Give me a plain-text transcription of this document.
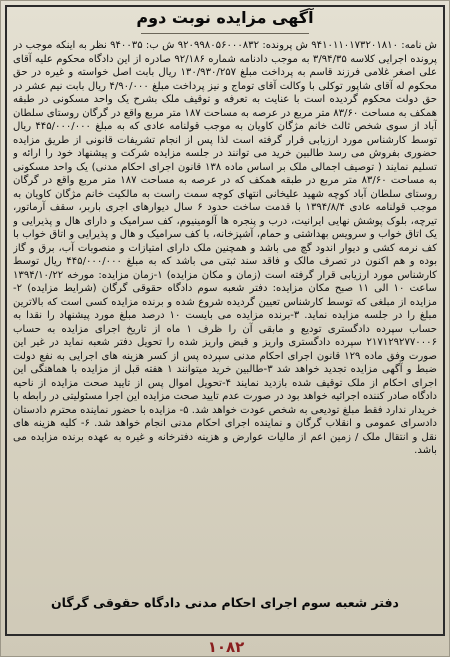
آگهی مزایده نوبت دوم

ش نامه: ۹۴۱۰۱۱۰۱۷۳۲۰۱۸۱۰ ش پرونده: ۹۲۰۹۹۸۰۵۶۰۰۰۸۳۲ ش ب: ۹۴۰۰۳۵ نظر به اینکه موجب در پرونده اجرایی کلاسه ۳/۹۴/۳۵ به موجب دادنامه شماره ۹۲/۱۸۶ صادره از این دادگاه محکوم علیه آقای علی اصغر غلامی فرزند قاسم به پرداخت مبلغ ۱۳۰/۹۳۰/۲۵۷ ریال بابت اصل خواسته و غیره در حق محکوم له آقای شاپور توکلی با وکالت آقای توماج و نیز پرداخت مبلغ ۴/۹۰/۰۰۰ ریال بابت نیم عشر در حق دولت محکوم گردیده است با عنایت به تعرفه و توقیف ملک بشرح یک واحد مسکونی در طبقه همکف به مساحت ۸۳/۶۰ متر مربع در عرصه به مساحت ۱۸۷ متر مربع واقع در گرگان روستای سلطان آباد از سوی شخص ثالث خانم مژگان کاویان به موجب قولنامه عادی که به مبلغ ۴۴۵/۰۰۰/۰۰۰ ریال توسط کارشناس مورد ارزیابی قرار گرفته است لذا پس از انجام تشریفات قانونی از طریق مزایده حضوری بفروش می رسد طالبین خرید می توانند در جلسه مزایده شرکت و پیشنهاد خود را ارائه و تسلیم نمایند ( توصیف اجمالی ملک بر اساس ماده ۱۳۸ قانون اجرای احکام مدنی) یک واحد مسکونی به مساحت ۸۳/۶۰ متر مربع در طبقه همکف که در عرصه به مساحت ۱۸۷ متر مربع واقع در گرگان روستای سلطان آباد کوچه شهید علیخانی انتهای کوچه سمت راست به مالکیت خانم مژگان کاویان به موجب قولنامه عادی ۱۳۹۴/۸/۴ با قدمت ساخت حدود ۶ سال دیوارهای اجری باربر، سقف آرماتور، تیرچه، بلوک پوشش نهایی ایرانیت، درب و پنجره ها آلومینیوم، کف سرامیک و دارای هال و پذیرایی و یک اتاق خواب و سرویس بهداشتی و حمام، آشپزخانه، با کف سرامیک و هال و پذیرایی و اتاق خواب با کف نرمه کشی و دیوار اندود گچ می باشد و همچنین ملک دارای امتیازات و منصوبات آب، برق و گاز بوده و هم اکنون در تصرف مالک و فاقد سند ثبتی می باشد که به مبلغ ۴۴۵/۰۰۰/۰۰۰ ریال توسط کارشناس مورد ارزیابی قرار گرفته است (زمان و مکان مزایده) ۱-زمان مزایده: مورخه ۱۳۹۴/۱۰/۲۲ ساعت ۱۰ الی ۱۱ صبح مکان مزایده: دفتر شعبه سوم دادگاه حقوقی گرگان (شرایط مزایده) ۲- مزایده از مبلغی که توسط کارشناس تعیین گردیده شروع شده و برنده مزایده کسی است که بالاترین مبلغ را در جلسه مزایده نماید. ۳-برنده مزایده می بایست ۱۰ درصد مبلغ مورد پیشنهاد را نقدا به حساب سپرده دادگستری تودیع و مابقی آن را ظرف ۱ ماه از تاریخ اجرای مزایده به حساب ۲۱۷۱۲۹۲۷۷۰۰۰۶ سپرده دادگستری واریز و قبض واریز شده را تحویل دفتر شعبه نماید در غیر این صورت وفق ماده ۱۲۹ قانون اجرای احکام مدنی سپرده پس از کسر هزینه های اجرایی به نفع دولت ضبط و آگهی مزایده تجدید خواهد شد ۳-طالبین خرید میتوانند ۱ هفته قبل از مزایده با هماهنگی این اجرای احکام از ملک توقیف شده بازدید نمایند ۴-تحویل اموال پس از تایید صحت مزایده از ناحیه دادگاه صادر کننده اجرائیه خواهد بود در صورت عدم تایید صحت مزایده این اجرا مسئولیتی در رابطه با خریدار ندارد فقط مبلغ تودیعی به شخص عودت خواهد شد. ۵- مزایده با حضور نماینده محترم دادستان دادسرای عمومی و انقلاب گرگان و نماینده اجرای احکام مدنی انجام خواهد شد. ۶- کلیه هزینه های نقل و انتقال ملک / زمین اعم از مالیات عوارض و هزینه دفترخانه و غیره به عهده برنده مزایده می باشد.

دفتر شعبه سوم اجرای احکام مدنی دادگاه حقوقی گرگان
۱۰۸۲
